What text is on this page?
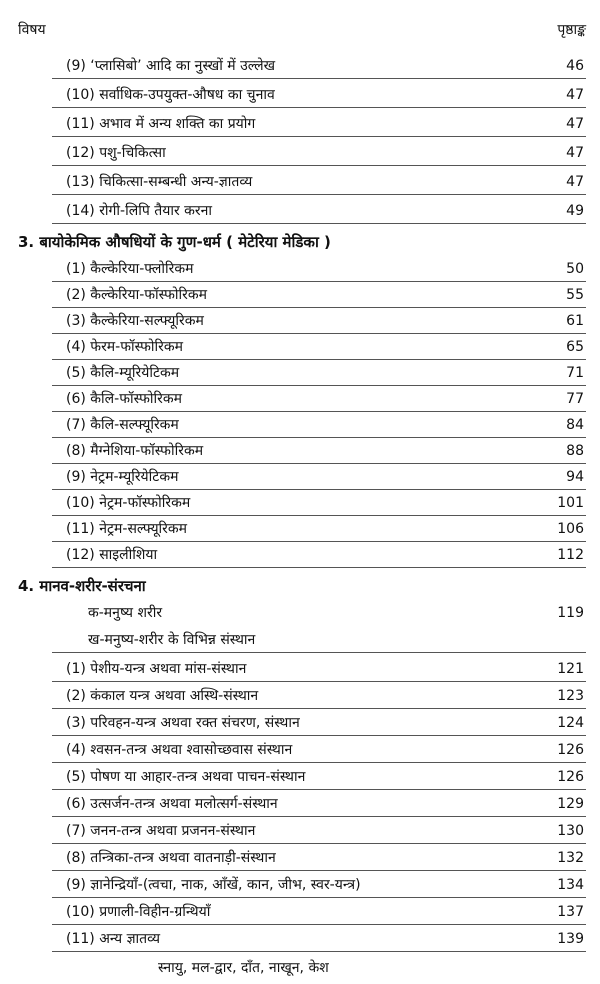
विषय	पृष्ठाङ्क
(9) ‘प्लासिबो’ आदि का नुस्खों में उल्लेख	46
(10) सर्वाधिक-उपयुक्त-औषध का चुनाव	47
(11) अभाव में अन्य शक्ति का प्रयोग	47
(12) पशु-चिकित्सा	47
(13) चिकित्सा-सम्बन्धी अन्य-ज्ञातव्य	47
(14) रोगी-लिपि तैयार करना	49
3. बायोकेमिक औषधियों के गुण-धर्म ( मेटेरिया मेडिका )
(1) कैल्केरिया-फ्लोरिकम	50
(2) कैल्केरिया-फॉस्फोरिकम	55
(3) कैल्केरिया-सल्फ्यूरिकम	61
(4) फेरम-फॉस्फोरिकम	65
(5) कैलि-म्यूरियेटिकम	71
(6) कैलि-फॉस्फोरिकम	77
(7) कैलि-सल्फ्यूरिकम	84
(8) मैग्नेशिया-फॉस्फोरिकम	88
(9) नेट्रम-म्यूरियेटिकम	94
(10) नेट्रम-फॉस्फोरिकम	101
(11) नेट्रम-सल्फ्यूरिकम	106
(12) साइलीशिया	112
4. मानव-शरीर-संरचना
क-मनुष्य शरीर	119
ख-मनुष्य-शरीर के विभिन्न संस्थान
(1) पेशीय-यन्त्र अथवा मांस-संस्थान	121
(2) कंकाल यन्त्र अथवा अस्थि-संस्थान	123
(3) परिवहन-यन्त्र अथवा रक्त संचरण, संस्थान	124
(4) श्वसन-तन्त्र अथवा श्वासोच्छवास संस्थान	126
(5) पोषण या आहार-तन्त्र अथवा पाचन-संस्थान	126
(6) उत्सर्जन-तन्त्र अथवा मलोत्सर्ग-संस्थान	129
(7) जनन-तन्त्र अथवा प्रजनन-संस्थान	130
(8) तन्त्रिका-तन्त्र अथवा वातनाड़ी-संस्थान	132
(9) ज्ञानेन्द्रियाँ-(त्वचा, नाक, आँखें, कान, जीभ, स्वर-यन्त्र)	134
(10) प्रणाली-विहीन-ग्रन्थियाँ	137
(11) अन्य ज्ञातव्य	139
स्नायु, मल-द्वार, दाँत, नाखून, केश
